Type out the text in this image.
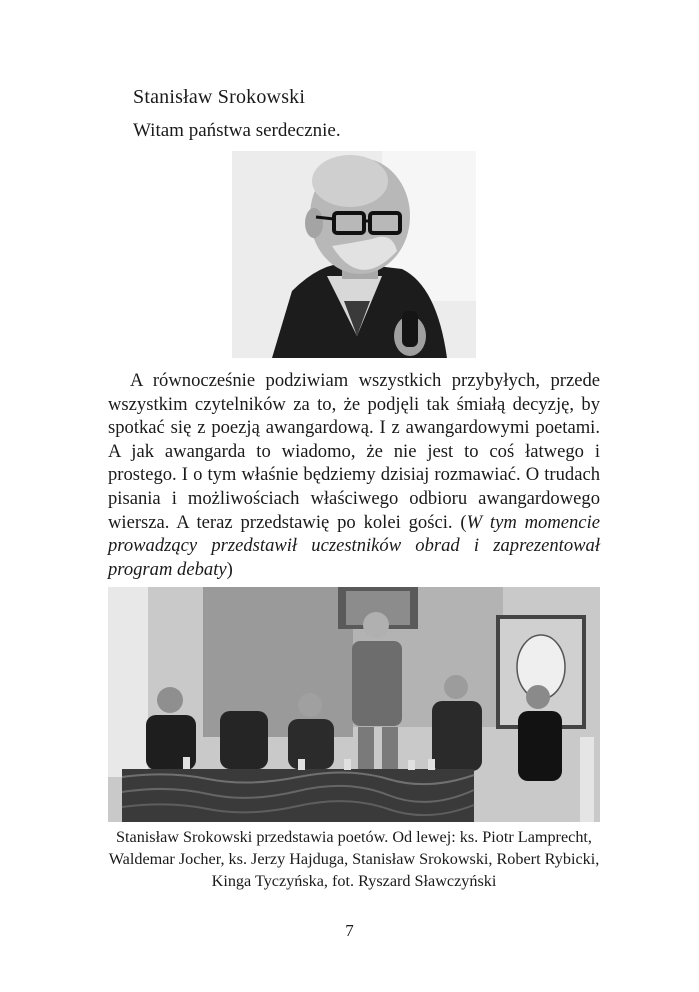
Stanisław Srokowski

Witam państwa serdecznie.

A równocześnie podziwiam wszystkich przybyłych, przede wszystkim czytelników za to, że podjęli tak śmiałą decyzję, by spotkać się z poezją awangardową. I z awangardowymi poetami. A jak awangarda to wiadomo, że nie jest to coś łatwego i prostego. I o tym właśnie będziemy dzisiaj rozmawiać. O trudach pisania i możliwościach właściwego odbioru awangardowego wiersza. A teraz przedstawię po kolei gości. (W tym momencie prowadzący przedstawił uczestników obrad i zaprezentował program debaty)

Stanisław Srokowski przedstawia poetów. Od lewej: ks. Piotr Lamprecht, Waldemar Jocher, ks. Jerzy Hajduga, Stanisław Srokowski, Robert Rybicki, Kinga Tyczyńska, fot. Ryszard Sławczyński

7
